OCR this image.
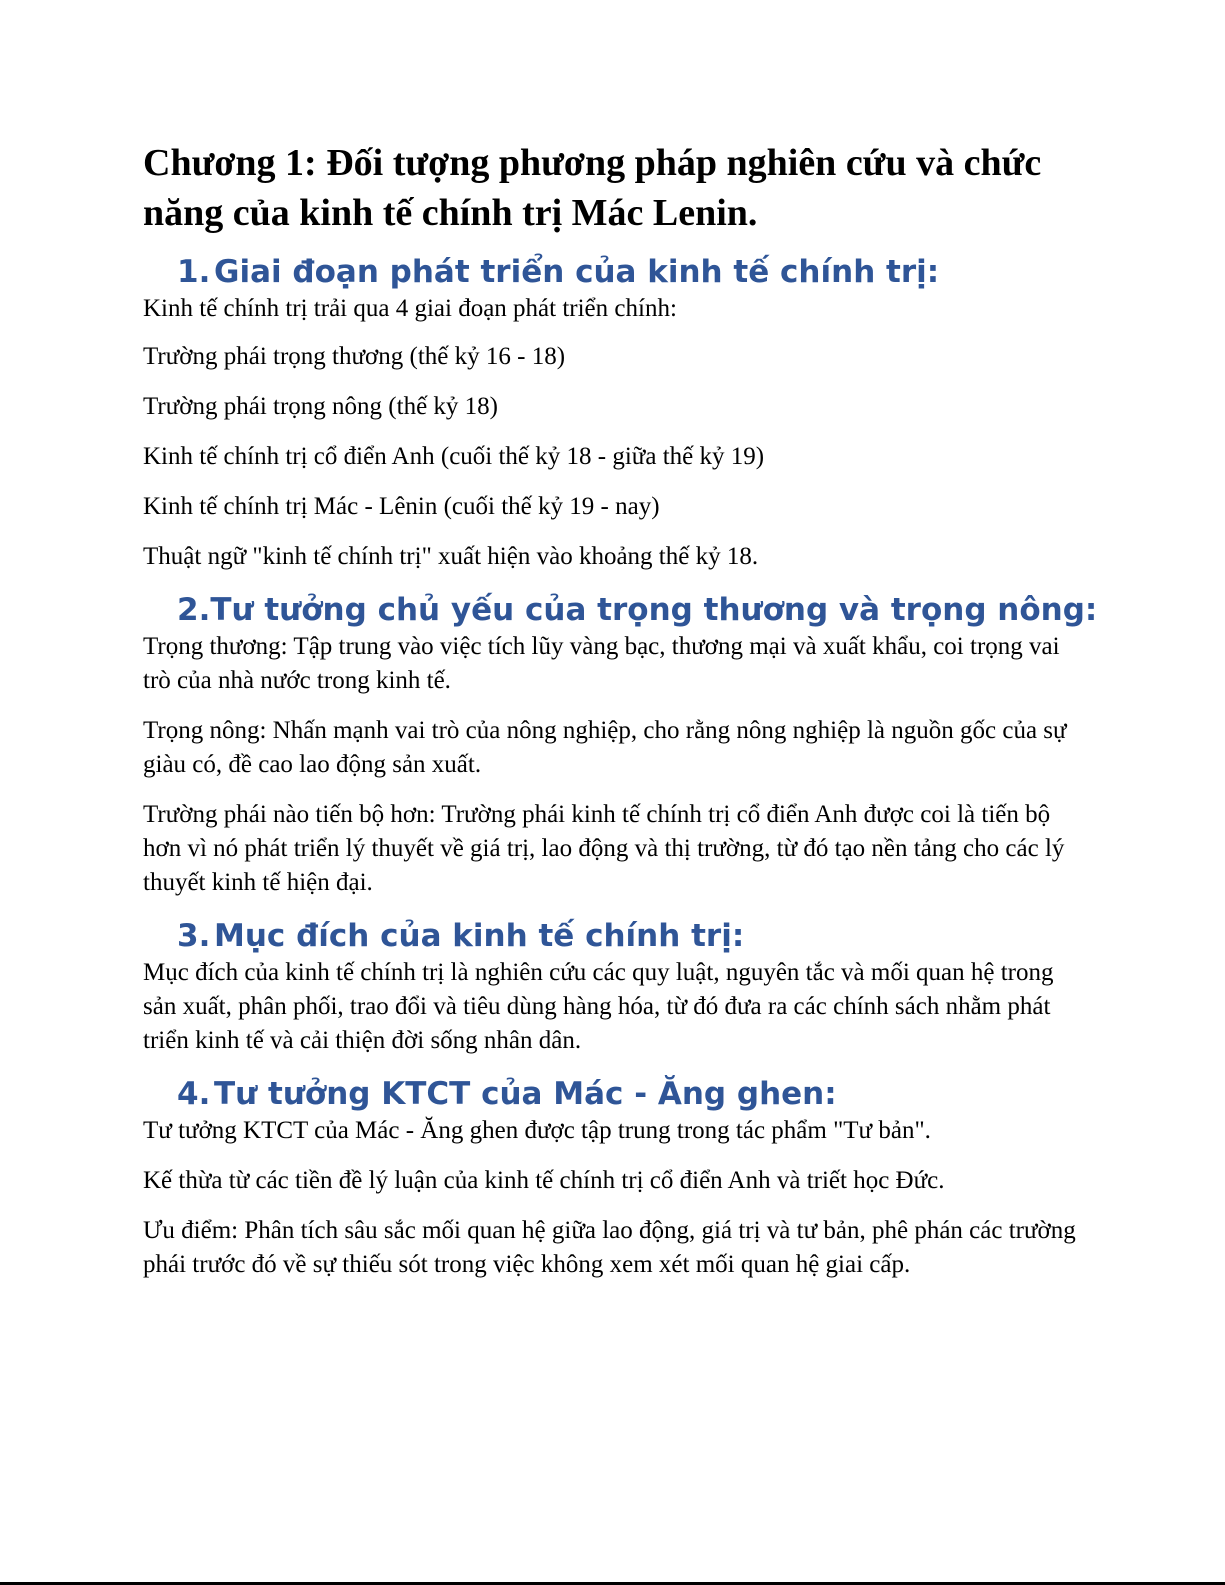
Chương 1: Đối tượng phương pháp nghiên cứu và chức năng của kinh tế chính trị Mác Lenin.
1. Giai đoạn phát triển của kinh tế chính trị:

Kinh tế chính trị trải qua 4 giai đoạn phát triển chính:

Trường phái trọng thương (thế kỷ 16 - 18)

Trường phái trọng nông (thế kỷ 18)

Kinh tế chính trị cổ điển Anh (cuối thế kỷ 18 - giữa thế kỷ 19)

Kinh tế chính trị Mác - Lênin (cuối thế kỷ 19 - nay)

Thuật ngữ "kinh tế chính trị" xuất hiện vào khoảng thế kỷ 18.

2. Tư tưởng chủ yếu của trọng thương và trọng nông:

Trọng thương: Tập trung vào việc tích lũy vàng bạc, thương mại và xuất khẩu, coi trọng vai trò của nhà nước trong kinh tế.

Trọng nông: Nhấn mạnh vai trò của nông nghiệp, cho rằng nông nghiệp là nguồn gốc của sự giàu có, đề cao lao động sản xuất.

Trường phái nào tiến bộ hơn: Trường phái kinh tế chính trị cổ điển Anh được coi là tiến bộ hơn vì nó phát triển lý thuyết về giá trị, lao động và thị trường, từ đó tạo nền tảng cho các lý thuyết kinh tế hiện đại.

3. Mục đích của kinh tế chính trị:

Mục đích của kinh tế chính trị là nghiên cứu các quy luật, nguyên tắc và mối quan hệ trong sản xuất, phân phối, trao đổi và tiêu dùng hàng hóa, từ đó đưa ra các chính sách nhằm phát triển kinh tế và cải thiện đời sống nhân dân.

4. Tư tưởng KTCT của Mác - Ăng ghen:

Tư tưởng KTCT của Mác - Ăng ghen được tập trung trong tác phẩm "Tư bản".

Kế thừa từ các tiền đề lý luận của kinh tế chính trị cổ điển Anh và triết học Đức.

Ưu điểm: Phân tích sâu sắc mối quan hệ giữa lao động, giá trị và tư bản, phê phán các trường phái trước đó về sự thiếu sót trong việc không xem xét mối quan hệ giai cấp.
